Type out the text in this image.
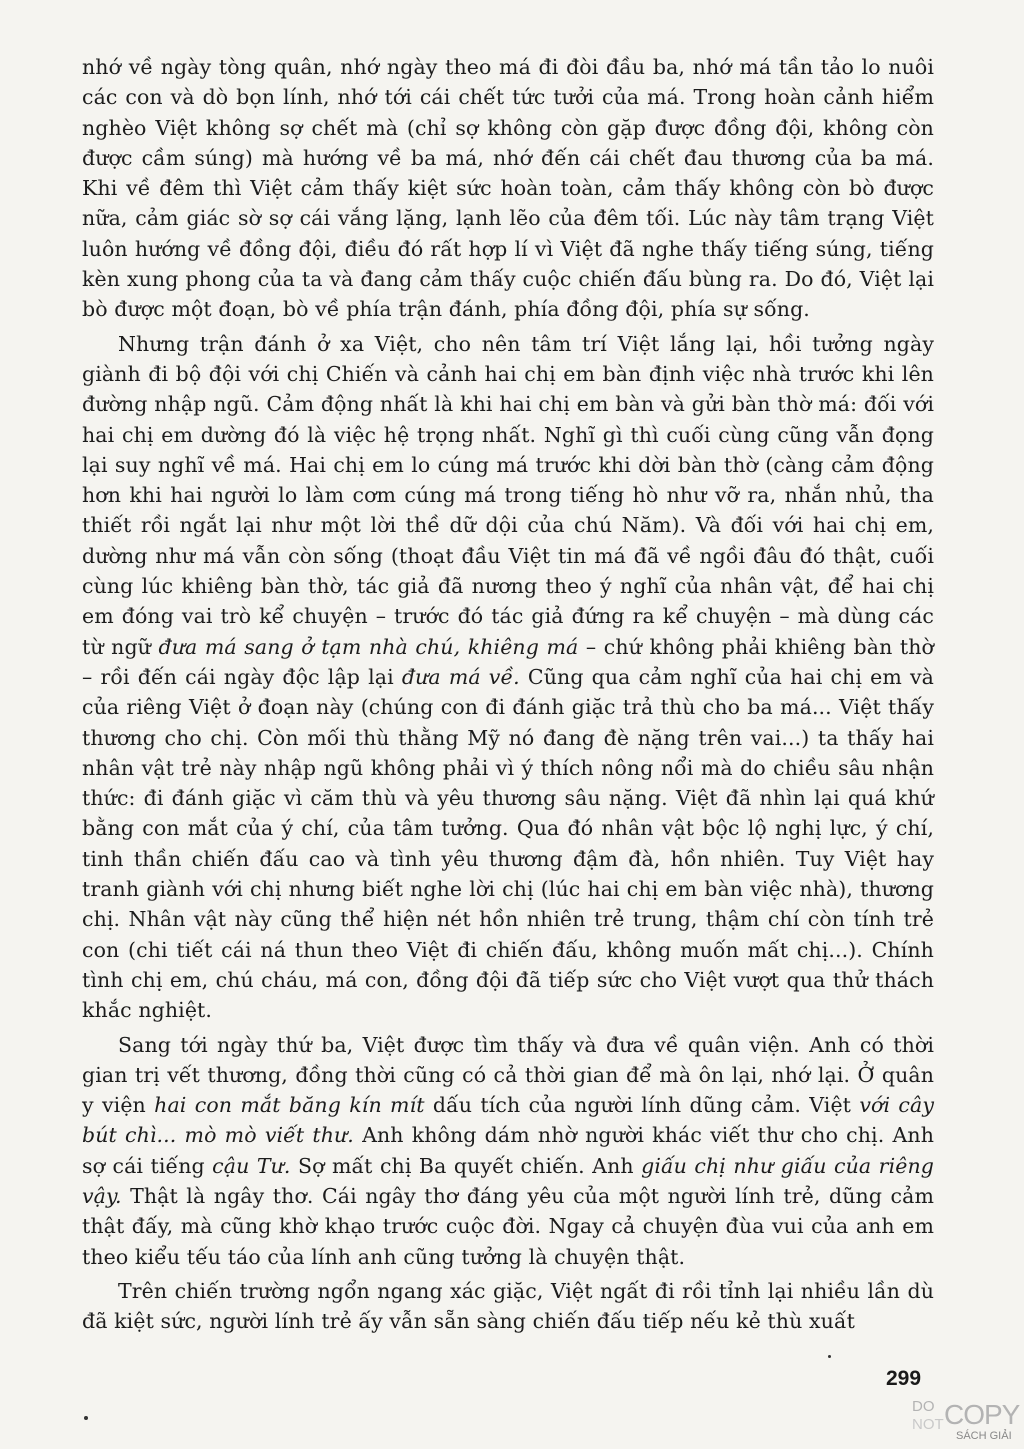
nhớ về ngày tòng quân, nhớ ngày theo má đi đòi đầu ba, nhớ má tần tảo lo nuôi các con và dò bọn lính, nhớ tới cái chết tức tưởi của má. Trong hoàn cảnh hiểm nghèo Việt không sợ chết mà (chỉ sợ không còn gặp được đồng đội, không còn được cầm súng) mà hướng về ba má, nhớ đến cái chết đau thương của ba má. Khi về đêm thì Việt cảm thấy kiệt sức hoàn toàn, cảm thấy không còn bò được nữa, cảm giác sờ sợ cái vắng lặng, lạnh lẽo của đêm tối. Lúc này tâm trạng Việt luôn hướng về đồng đội, điều đó rất hợp lí vì Việt đã nghe thấy tiếng súng, tiếng kèn xung phong của ta và đang cảm thấy cuộc chiến đấu bùng ra. Do đó, Việt lại bò được một đoạn, bò về phía trận đánh, phía đồng đội, phía sự sống.

Nhưng trận đánh ở xa Việt, cho nên tâm trí Việt lắng lại, hồi tưởng ngày giành đi bộ đội với chị Chiến và cảnh hai chị em bàn định việc nhà trước khi lên đường nhập ngũ. Cảm động nhất là khi hai chị em bàn và gửi bàn thờ má: đối với hai chị em dường đó là việc hệ trọng nhất. Nghĩ gì thì cuối cùng cũng vẫn đọng lại suy nghĩ về má. Hai chị em lo cúng má trước khi dời bàn thờ (càng cảm động hơn khi hai người lo làm cơm cúng má trong tiếng hò như vỡ ra, nhắn nhủ, tha thiết rồi ngắt lại như một lời thề dữ dội của chú Năm). Và đối với hai chị em, dường như má vẫn còn sống (thoạt đầu Việt tin má đã về ngồi đâu đó thật, cuối cùng lúc khiêng bàn thờ, tác giả đã nương theo ý nghĩ của nhân vật, để hai chị em đóng vai trò kể chuyện – trước đó tác giả đứng ra kể chuyện – mà dùng các từ ngữ đưa má sang ở tạm nhà chú, khiêng má – chứ không phải khiêng bàn thờ – rồi đến cái ngày độc lập lại đưa má về. Cũng qua cảm nghĩ của hai chị em và của riêng Việt ở đoạn này (chúng con đi đánh giặc trả thù cho ba má... Việt thấy thương cho chị. Còn mối thù thằng Mỹ nó đang đè nặng trên vai...) ta thấy hai nhân vật trẻ này nhập ngũ không phải vì ý thích nông nổi mà do chiều sâu nhận thức: đi đánh giặc vì căm thù và yêu thương sâu nặng. Việt đã nhìn lại quá khứ bằng con mắt của ý chí, của tâm tưởng. Qua đó nhân vật bộc lộ nghị lực, ý chí, tinh thần chiến đấu cao và tình yêu thương đậm đà, hồn nhiên. Tuy Việt hay tranh giành với chị nhưng biết nghe lời chị (lúc hai chị em bàn việc nhà), thương chị. Nhân vật này cũng thể hiện nét hồn nhiên trẻ trung, thậm chí còn tính trẻ con (chi tiết cái ná thun theo Việt đi chiến đấu, không muốn mất chị...). Chính tình chị em, chú cháu, má con, đồng đội đã tiếp sức cho Việt vượt qua thử thách khắc nghiệt.

Sang tới ngày thứ ba, Việt được tìm thấy và đưa về quân viện. Anh có thời gian trị vết thương, đồng thời cũng có cả thời gian để mà ôn lại, nhớ lại. Ở quân y viện hai con mắt băng kín mít dấu tích của người lính dũng cảm. Việt với cây bút chì... mò mò viết thư. Anh không dám nhờ người khác viết thư cho chị. Anh sợ cái tiếng cậu Tư. Sợ mất chị Ba quyết chiến. Anh giấu chị như giấu của riêng vậy. Thật là ngây thơ. Cái ngây thơ đáng yêu của một người lính trẻ, dũng cảm thật đấy, mà cũng khờ khạo trước cuộc đời. Ngay cả chuyện đùa vui của anh em theo kiểu tếu táo của lính anh cũng tưởng là chuyện thật.

Trên chiến trường ngổn ngang xác giặc, Việt ngất đi rồi tỉnh lại nhiều lần dù đã kiệt sức, người lính trẻ ấy vẫn sẵn sàng chiến đấu tiếp nếu kẻ thù xuất

299
DO
NOT COPY
SÁCH GIẢI
